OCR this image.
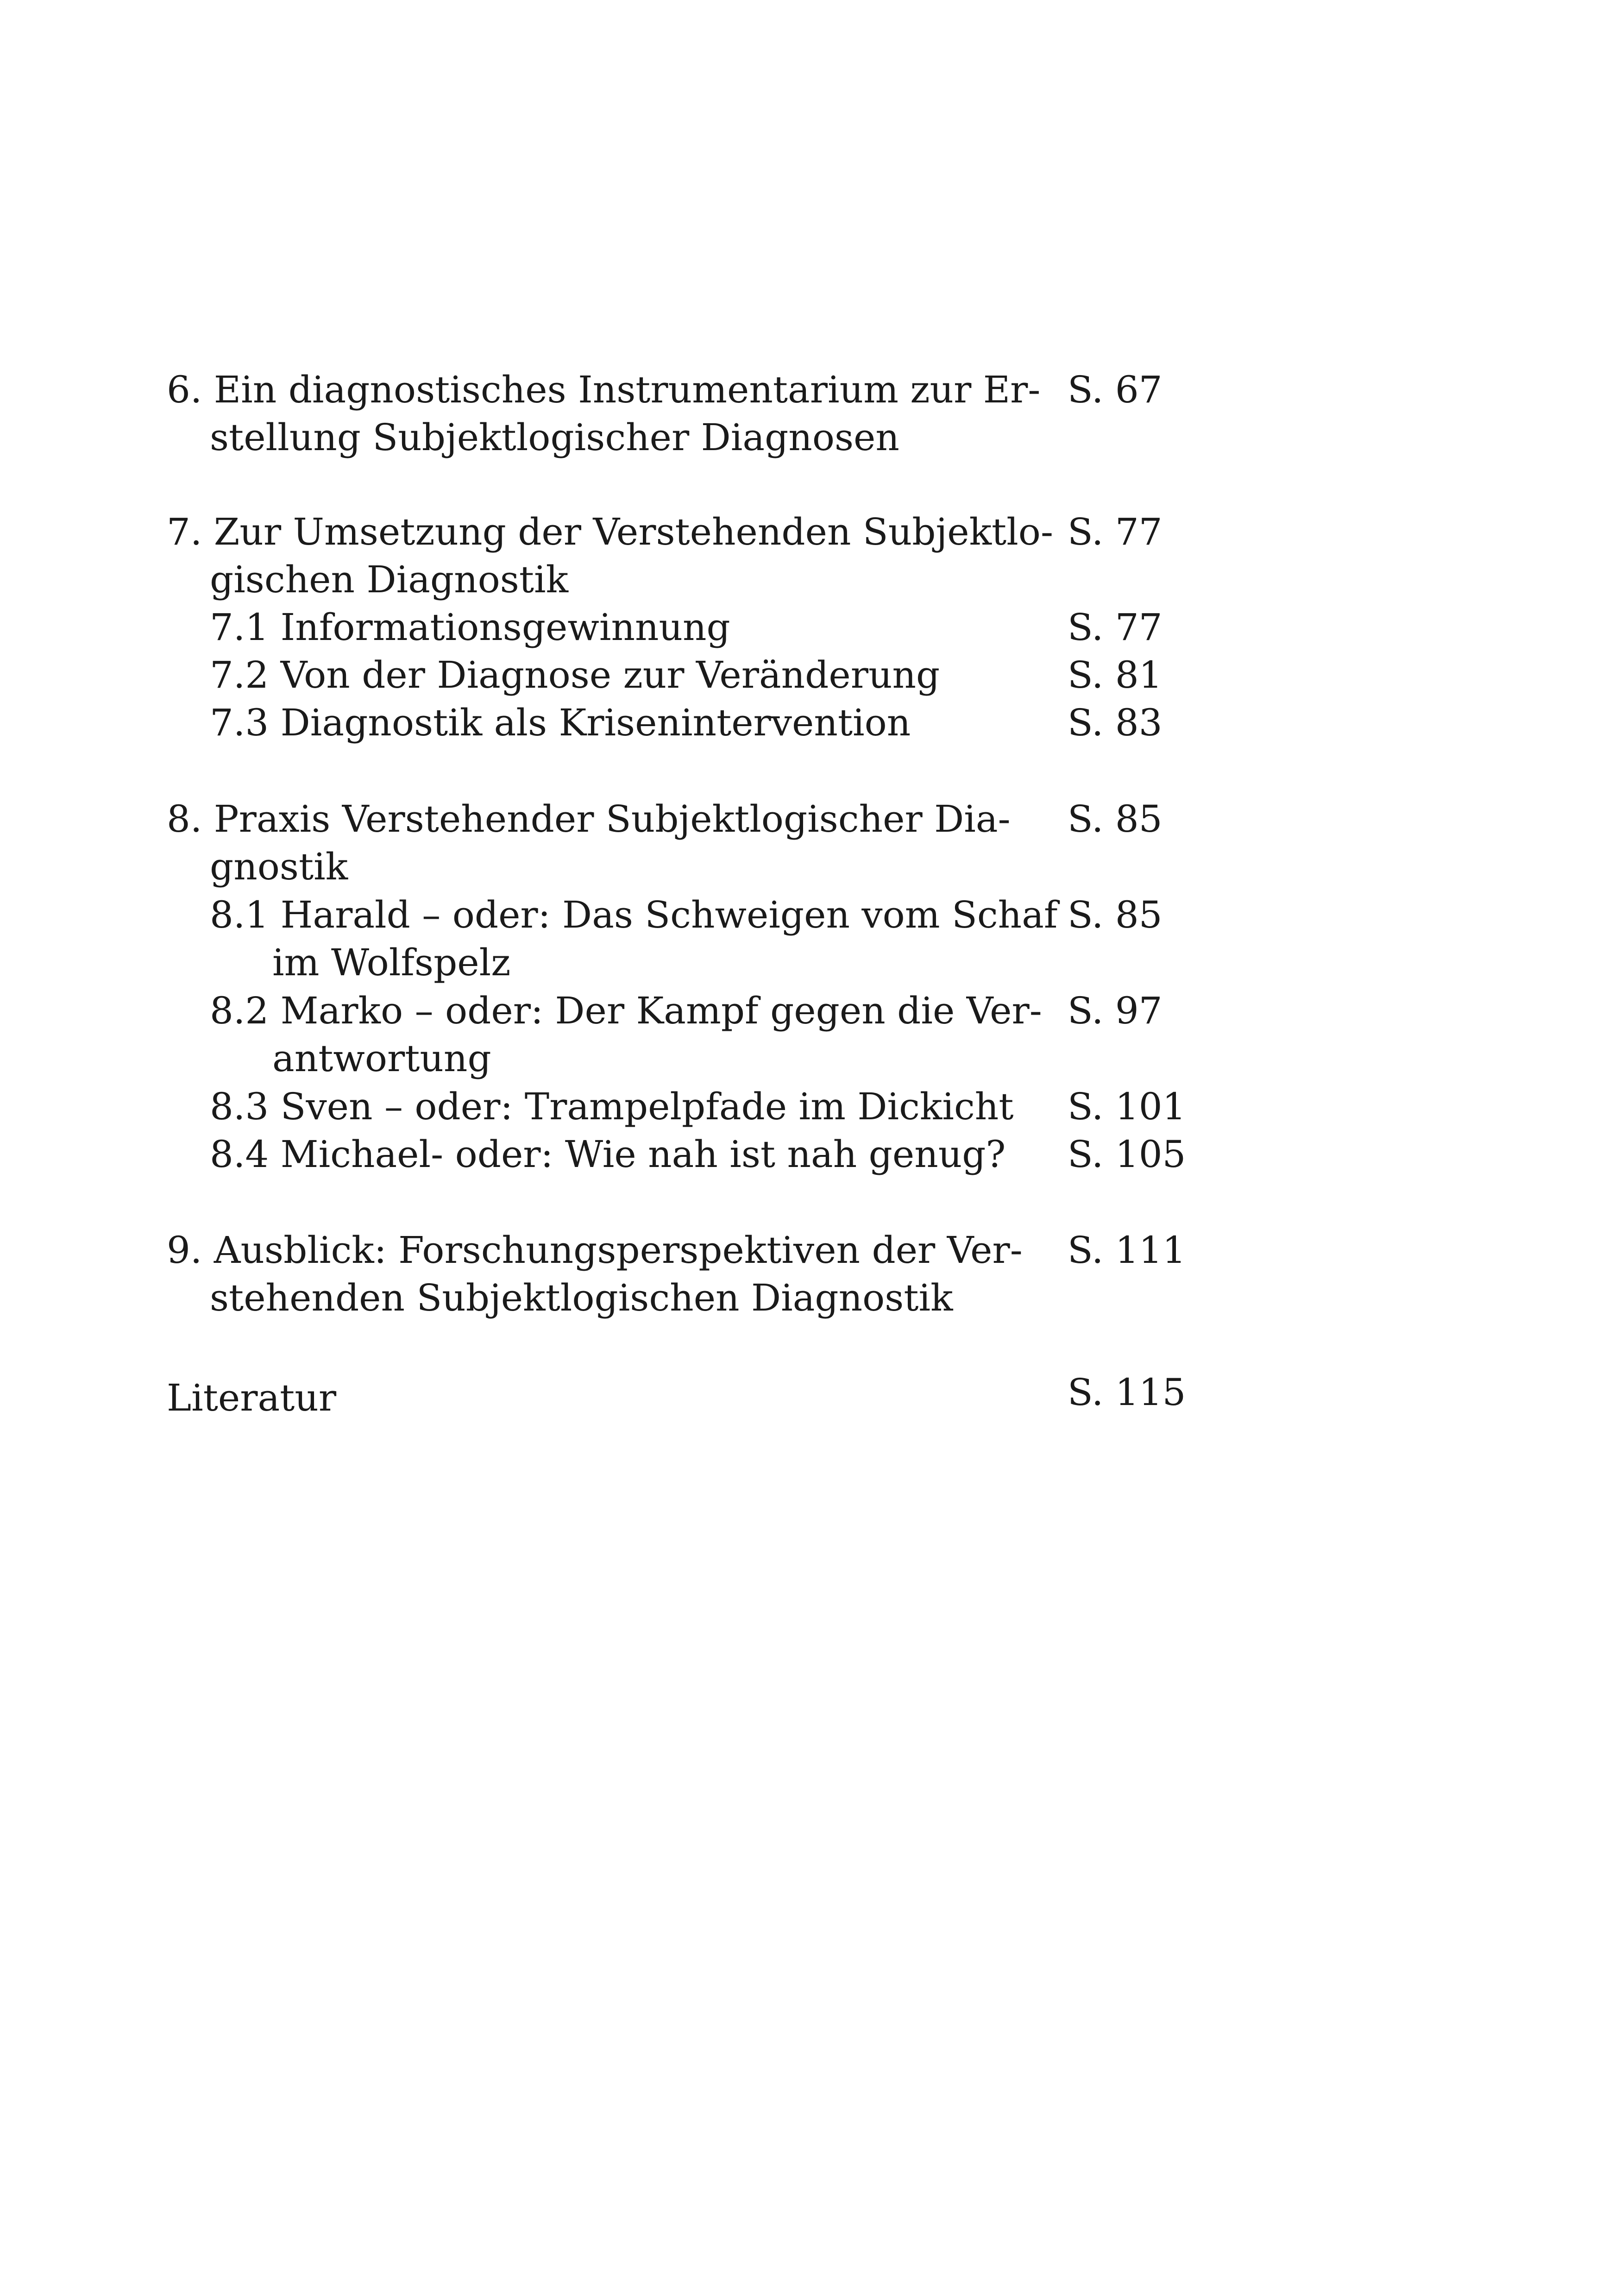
6. Ein diagnostisches Instrumentarium zur Er-
stellung Subjektlogischer Diagnosen
S. 67
7. Zur Umsetzung der Verstehenden Subjektlo-
gischen Diagnostik
S. 77
7.1 Informationsgewinnung	S. 77
7.2 Von der Diagnose zur Veränderung	S. 81
7.3 Diagnostik als Krisenintervention	S. 83
8. Praxis Verstehender Subjektlogischer Dia-
gnostik
S. 85
8.1 Harald – oder: Das Schweigen vom Schaf
im Wolfspelz
S. 85
8.2 Marko – oder: Der Kampf gegen die Ver-
antwortung
S. 97
8.3 Sven – oder: Trampelpfade im Dickicht S. 101
8.4 Michael- oder: Wie nah ist nah genug? S. 105
9. Ausblick: Forschungsperspektiven der Ver-
stehenden Subjektlogischen Diagnostik
S. 111
Literatur	S. 115
